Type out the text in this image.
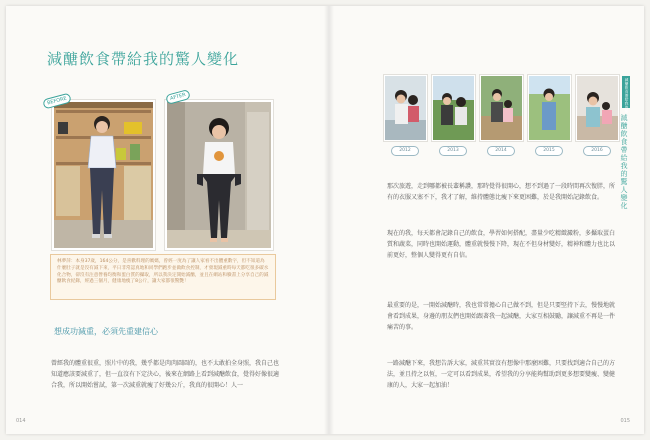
減醣飲食帶給我的驚人變化
BEFORE	AFTER
林夢萍：本身37歲，164公分，是喜歡料理的媽媽，曾經一度為了讓人家看不出體重數字，但不知道為什麼肚子就是沒有減下來，平日非常認真地和同學們跑步並做飲食控制，才發現減重時每天都吃很多碳水化合物，卻沒有注意營養均衡和蛋白質的攝取，所以我決定開始減醣，並且在網站和臉書上分享自己的減醣飲食紀錄，經過三個月，健康地瘦了8公斤，讓大家都很驚艷！
想成功減重，必須先重建信心
曾經我的體重很重，照片中的我，幾乎都是肉肉圓圓的，也不太敢拍全身照，我自己也知道應該要減重了，但一直沒有下定決心，後來在網路上看到減醣飲食，覺得好像很適合我，所以開始嘗試，第一次減重就瘦了好幾公斤，我真的很開心！人一
014
2012	2013	2014	2015	2016
減醣飲食帶給我的驚人變化
減醣飲食帶給我的驚人變化
那次旅遊，走到哪都被長輩稱讚，那時覺得很開心，想不到過了一段時間再次復胖，所有的衣服又塞不下，我才了解，維持體態比瘦下來更困難，於是我開始記錄飲食。
現在的我，每天都會記錄自己的飲食，學習如何搭配，盡量少吃精緻澱粉，多攝取蛋白質和蔬菜，同時也開始運動，體重就慢慢下降，現在不但身材變好，精神和體力也比以前更好，整個人變得更有自信。
最重要的是，一開始減醣時，我也常常擔心自己做不到，但是只要堅持下去，慢慢地就會看到成果，身邊的朋友們也開始跟著我一起減醣，大家互相鼓勵，讓減重不再是一件痛苦的事。
一路減醣下來，我想告訴大家，減重其實沒有想像中那麼困難，只要找到適合自己的方法，並且持之以恆，一定可以看到成果，希望我的分享能夠幫助到更多想要變瘦、變健康的人，大家一起加油！
015
